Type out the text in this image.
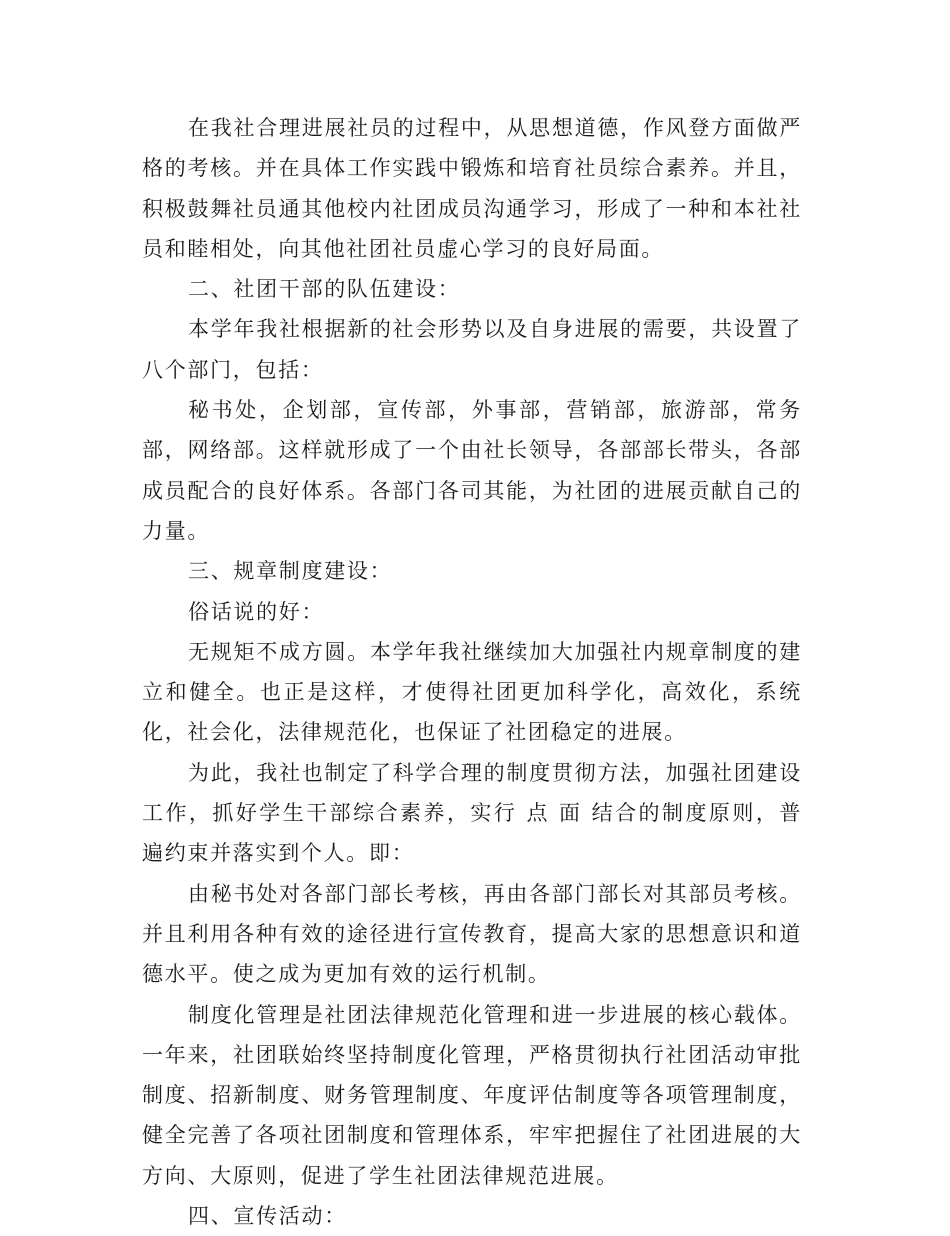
在我社合理进展社员的过程中，从思想道德，作风登方面做严格的考核。并在具体工作实践中锻炼和培育社员综合素养。并且，积极鼓舞社员通其他校内社团成员沟通学习，形成了一种和本社社员和睦相处，向其他社团社员虚心学习的良好局面。

二、社团干部的队伍建设：

本学年我社根据新的社会形势以及自身进展的需要，共设置了八个部门，包括：

秘书处，企划部，宣传部，外事部，营销部，旅游部，常务部，网络部。这样就形成了一个由社长领导，各部部长带头，各部成员配合的良好体系。各部门各司其能，为社团的进展贡献自己的力量。

三、规章制度建设：

俗话说的好：

无规矩不成方圆。本学年我社继续加大加强社内规章制度的建立和健全。也正是这样，才使得社团更加科学化，高效化，系统化，社会化，法律规范化，也保证了社团稳定的进展。

为此，我社也制定了科学合理的制度贯彻方法，加强社团建设工作，抓好学生干部综合素养，实行 点 面 结合的制度原则，普遍约束并落实到个人。即：

由秘书处对各部门部长考核，再由各部门部长对其部员考核。并且利用各种有效的途径进行宣传教育，提高大家的思想意识和道德水平。使之成为更加有效的运行机制。

制度化管理是社团法律规范化管理和进一步进展的核心载体。一年来，社团联始终坚持制度化管理，严格贯彻执行社团活动审批制度、招新制度、财务管理制度、年度评估制度等各项管理制度，健全完善了各项社团制度和管理体系，牢牢把握住了社团进展的大方向、大原则，促进了学生社团法律规范进展。

四、宣传活动：
